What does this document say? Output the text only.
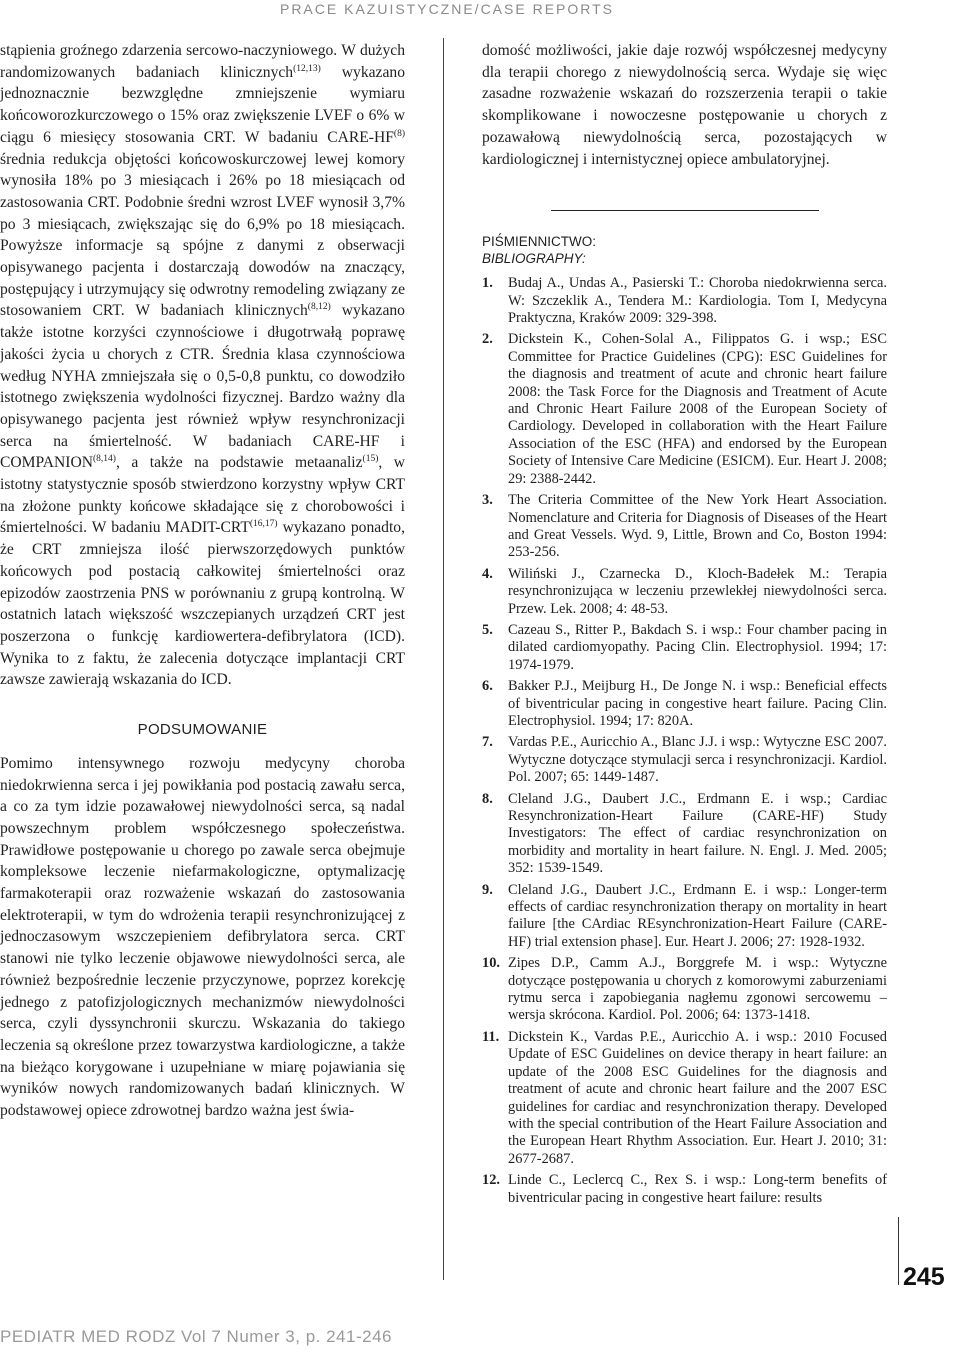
PRACE KAZUISTYCZNE/CASE REPORTS

stąpienia groźnego zdarzenia sercowo-naczyniowego. W dużych randomizowanych badaniach klinicznych$^{(12,13)}$ wykazano jednoznacznie bezwzględne zmniejszenie wymiaru końcoworozkurczowego o 15% oraz zwiększenie LVEF o 6% w ciągu 6 miesięcy stosowania CRT. W badaniu CARE-HF$^{(8)}$ średnia redukcja objętości końcowoskurczowej lewej komory wynosiła 18% po 3 miesiącach i 26% po 18 miesiącach od zastosowania CRT. Podobnie średni wzrost LVEF wynosił 3,7% po 3 miesiącach, zwiększając się do 6,9% po 18 miesiącach. Powyższe informacje są spójne z danymi z obserwacji opisywanego pacjenta i dostarczają dowodów na znaczący, postępujący i utrzymujący się odwrotny remodeling związany ze stosowaniem CRT. W badaniach klinicznych$^{(8,12)}$ wykazano także istotne korzyści czynnościowe i długotrwałą poprawę jakości życia u chorych z CTR. Średnia klasa czynnościowa według NYHA zmniejszała się o 0,5-0,8 punktu, co dowodziło istotnego zwiększenia wydolności fizycznej. Bardzo ważny dla opisywanego pacjenta jest również wpływ resynchronizacji serca na śmiertelność. W badaniach CARE-HF i COMPANION$^{(8,14)}$, a także na podstawie metaanaliz$^{(15)}$, w istotny statystycznie sposób stwierdzono korzystny wpływ CRT na złożone punkty końcowe składające się z chorobowości i śmiertelności. W badaniu MADIT-CRT$^{(16,17)}$ wykazano ponadto, że CRT zmniejsza ilość pierwszorzędowych punktów końcowych pod postacią całkowitej śmiertelności oraz epizodów zaostrzenia PNS w porównaniu z grupą kontrolną. W ostatnich latach większość wszczepianych urządzeń CRT jest poszerzona o funkcję kardiowertera-defibrylatora (ICD). Wynika to z faktu, że zalecenia dotyczące implantacji CRT zawsze zawierają wskazania do ICD.

PODSUMOWANIE

Pomimo intensywnego rozwoju medycyny choroba niedokrwienna serca i jej powikłania pod postacią zawału serca, a co za tym idzie pozawałowej niewydolności serca, są nadal powszechnym problem współczesnego społeczeństwa. Prawidłowe postępowanie u chorego po zawale serca obejmuje kompleksowe leczenie niefarmakologiczne, optymalizację farmakoterapii oraz rozważenie wskazań do zastosowania elektroterapii, w tym do wdrożenia terapii resynchronizującej z jednoczasowym wszczepieniem defibrylatora serca. CRT stanowi nie tylko leczenie objawowe niewydolności serca, ale również bezpośrednie leczenie przyczynowe, poprzez korekcję jednego z patofizjologicznych mechanizmów niewydolności serca, czyli dyssynchronii skurczu. Wskazania do takiego leczenia są określone przez towarzystwa kardiologiczne, a także na bieżąco korygowane i uzupełniane w miarę pojawiania się wyników nowych randomizowanych badań klinicznych. W podstawowej opiece zdrowotnej bardzo ważna jest świa-

domość możliwości, jakie daje rozwój współczesnej medycyny dla terapii chorego z niewydolnością serca. Wydaje się więc zasadne rozważenie wskazań do rozszerzenia terapii o takie skomplikowane i nowoczesne postępowanie u chorych z pozawałową niewydolnością serca, pozostających w kardiologicznej i internistycznej opiece ambulatoryjnej.

PIŚMIENNICTWO:
BIBLIOGRAPHY:
1. Budaj A., Undas A., Pasierski T.: Choroba niedokrwienna serca. W: Szczeklik A., Tendera M.: Kardiologia. Tom I, Medycyna Praktyczna, Kraków 2009: 329-398.
2. Dickstein K., Cohen-Solal A., Filippatos G. i wsp.; ESC Committee for Practice Guidelines (CPG): ESC Guidelines for the diagnosis and treatment of acute and chronic heart failure 2008: the Task Force for the Diagnosis and Treatment of Acute and Chronic Heart Failure 2008 of the European Society of Cardiology. Developed in collaboration with the Heart Failure Association of the ESC (HFA) and endorsed by the European Society of Intensive Care Medicine (ESICM). Eur. Heart J. 2008; 29: 2388-2442.
3. The Criteria Committee of the New York Heart Association. Nomenclature and Criteria for Diagnosis of Diseases of the Heart and Great Vessels. Wyd. 9, Little, Brown and Co, Boston 1994: 253-256.
4. Wiliński J., Czarnecka D., Kloch-Badełek M.: Terapia resynchronizująca w leczeniu przewlekłej niewydolności serca. Przew. Lek. 2008; 4: 48-53.
5. Cazeau S., Ritter P., Bakdach S. i wsp.: Four chamber pacing in dilated cardiomyopathy. Pacing Clin. Electrophysiol. 1994; 17: 1974-1979.
6. Bakker P.J., Meijburg H., De Jonge N. i wsp.: Beneficial effects of biventricular pacing in congestive heart failure. Pacing Clin. Electrophysiol. 1994; 17: 820A.
7. Vardas P.E., Auricchio A., Blanc J.J. i wsp.: Wytyczne ESC 2007. Wytyczne dotyczące stymulacji serca i resynchronizacji. Kardiol. Pol. 2007; 65: 1449-1487.
8. Cleland J.G., Daubert J.C., Erdmann E. i wsp.; Cardiac Resynchronization-Heart Failure (CARE-HF) Study Investigators: The effect of cardiac resynchronization on morbidity and mortality in heart failure. N. Engl. J. Med. 2005; 352: 1539-1549.
9. Cleland J.G., Daubert J.C., Erdmann E. i wsp.: Longer-term effects of cardiac resynchronization therapy on mortality in heart failure [the CArdiac REsynchronization-Heart Failure (CARE-HF) trial extension phase]. Eur. Heart J. 2006; 27: 1928-1932.
10. Zipes D.P., Camm A.J., Borggrefe M. i wsp.: Wytyczne dotyczące postępowania u chorych z komorowymi zaburzeniami rytmu serca i zapobiegania nagłemu zgonowi sercowemu – wersja skrócona. Kardiol. Pol. 2006; 64: 1373-1418.
11. Dickstein K., Vardas P.E., Auricchio A. i wsp.: 2010 Focused Update of ESC Guidelines on device therapy in heart failure: an update of the 2008 ESC Guidelines for the diagnosis and treatment of acute and chronic heart failure and the 2007 ESC guidelines for cardiac and resynchronization therapy. Developed with the special contribution of the Heart Failure Association and the European Heart Rhythm Association. Eur. Heart J. 2010; 31: 2677-2687.
12. Linde C., Leclercq C., Rex S. i wsp.: Long-term benefits of biventricular pacing in congestive heart failure: results
245
PEDIATR MED RODZ Vol 7 Numer 3, p. 241-246
